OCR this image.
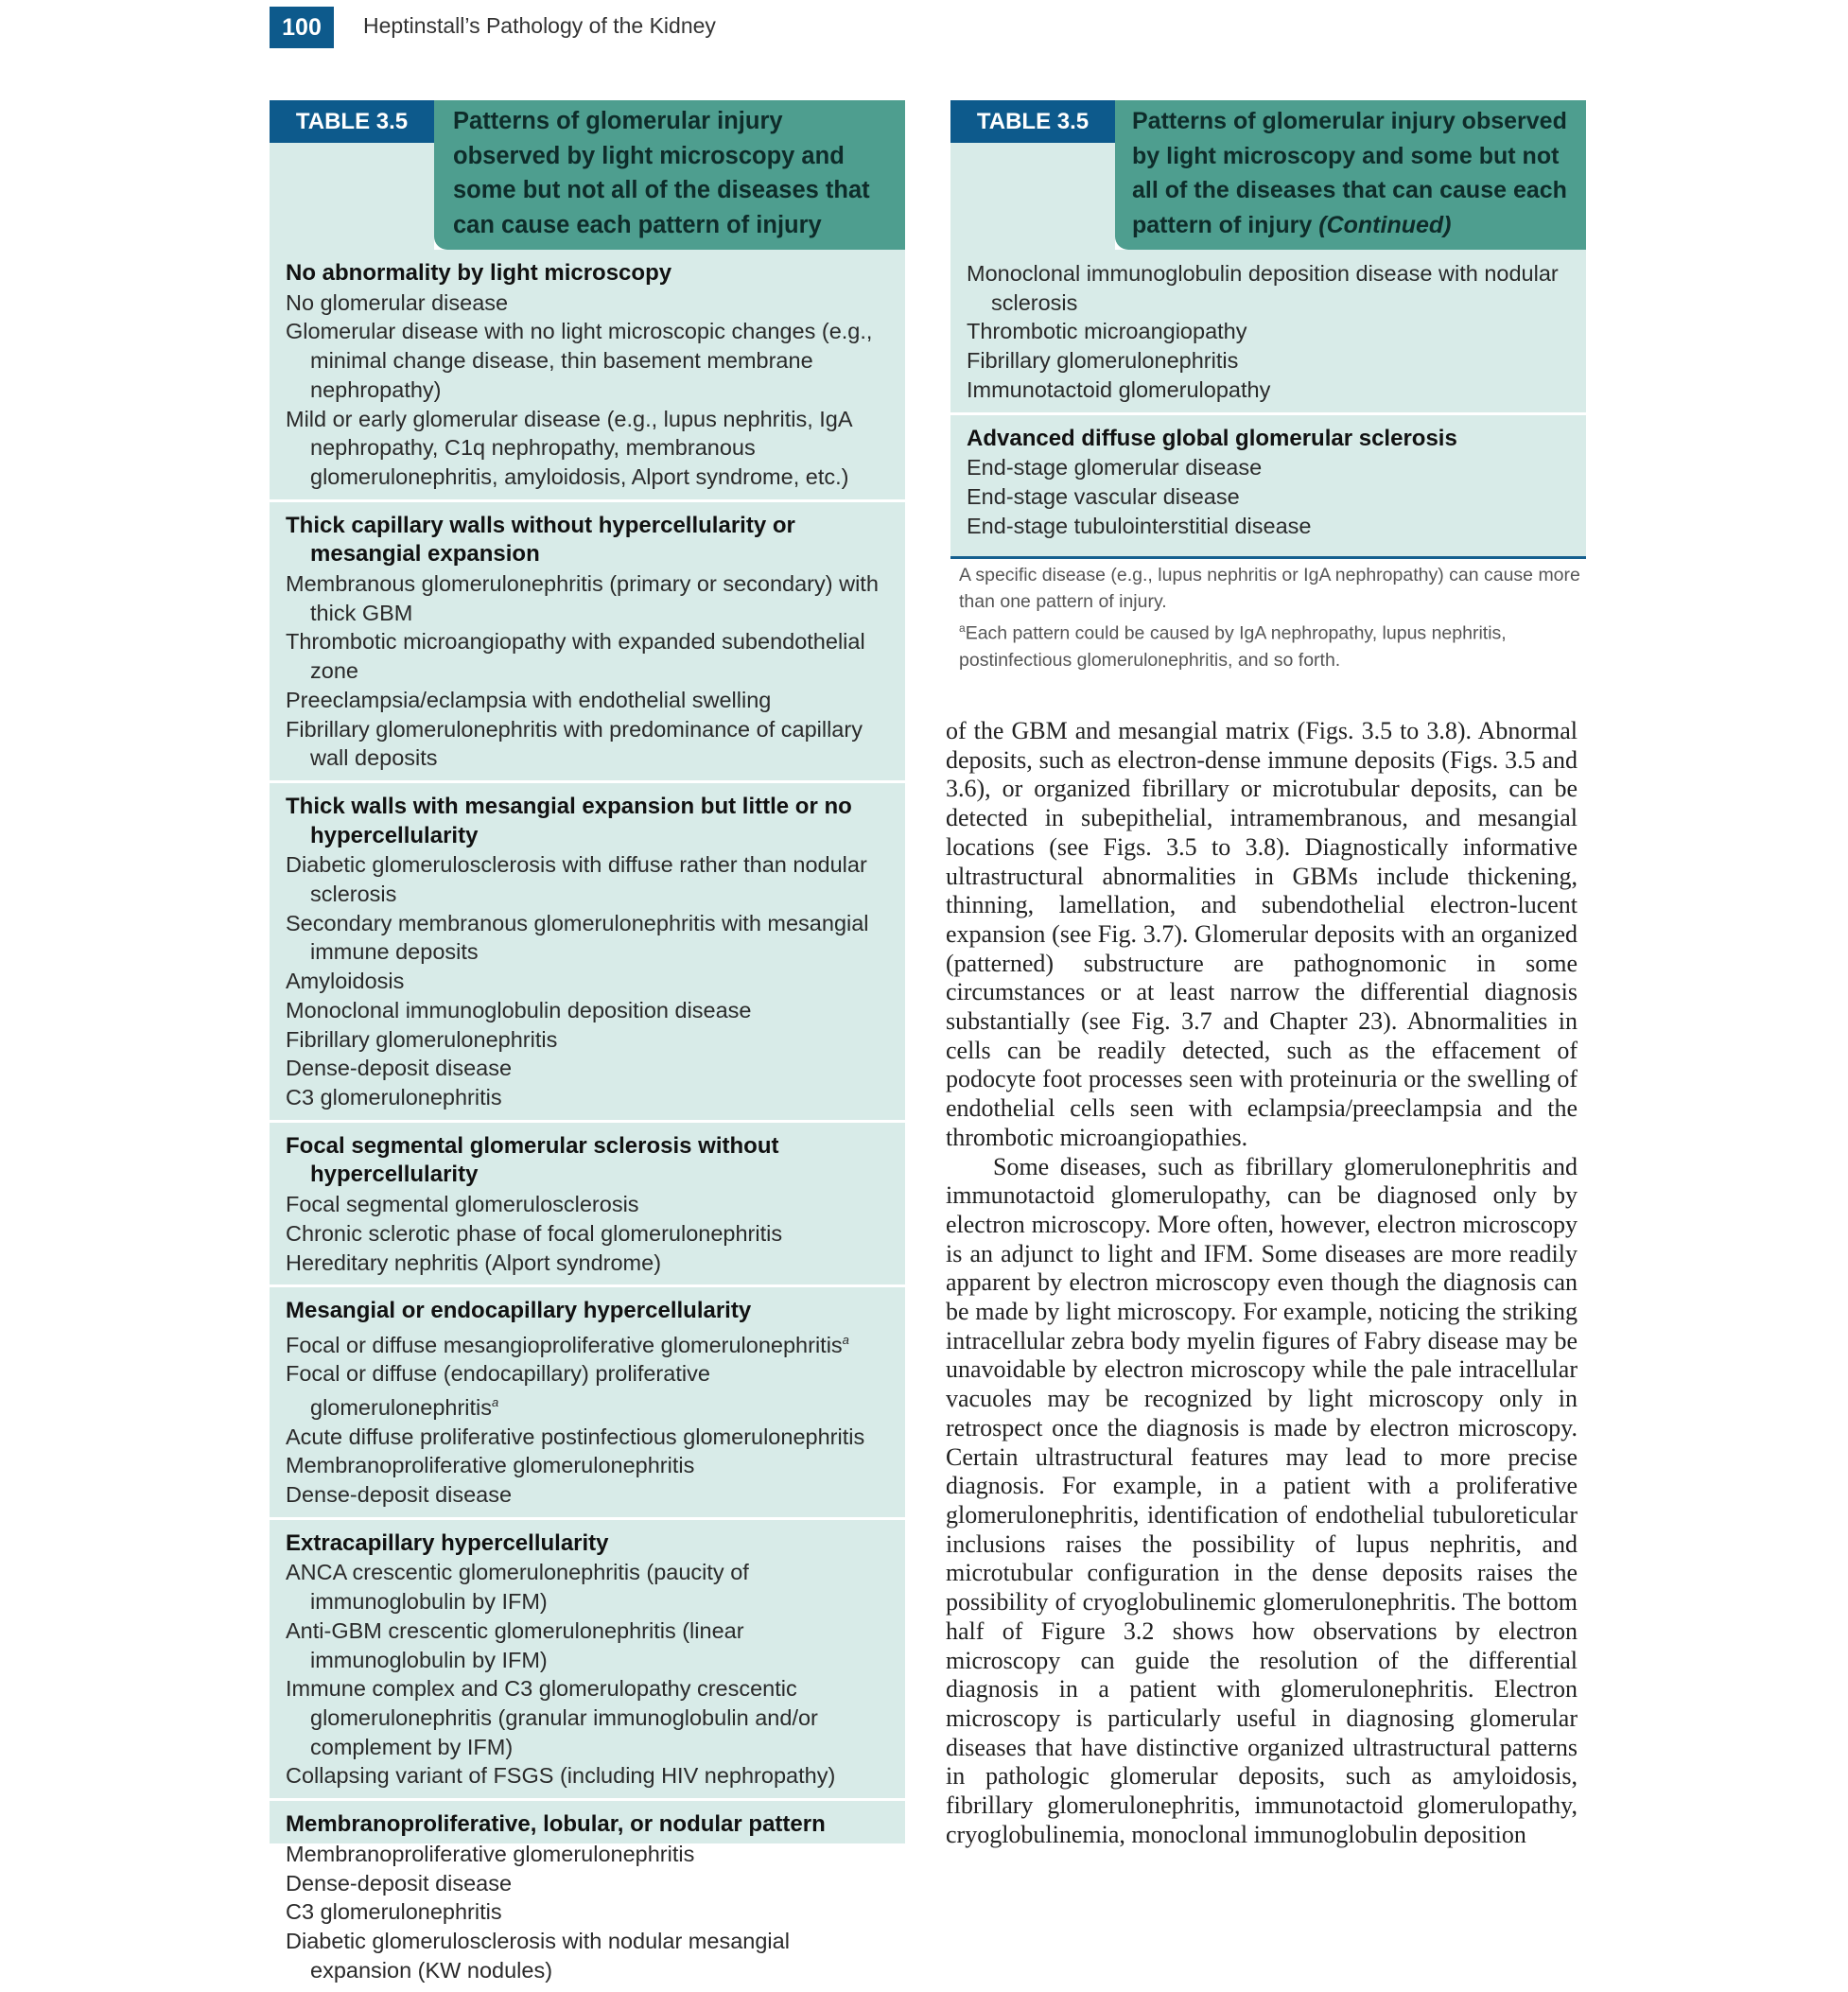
100	Heptinstall’s Pathology of the Kidney
TABLE 3.5	Patterns of glomerular injury observed by light microscopy and some but not all of the diseases that can cause each pattern of injury
No abnormality by light microscopy
No glomerular disease
Glomerular disease with no light microscopic changes (e.g., minimal change disease, thin basement membrane nephropathy)
Mild or early glomerular disease (e.g., lupus nephritis, IgA nephropathy, C1q nephropathy, membranous glomerulonephritis, amyloidosis, Alport syndrome, etc.)
Thick capillary walls without hypercellularity or mesangial expansion
Membranous glomerulonephritis (primary or secondary) with thick GBM
Thrombotic microangiopathy with expanded subendothelial zone
Preeclampsia/eclampsia with endothelial swelling
Fibrillary glomerulonephritis with predominance of capillary wall deposits
Thick walls with mesangial expansion but little or no hypercellularity
Diabetic glomerulosclerosis with diffuse rather than nodular sclerosis
Secondary membranous glomerulonephritis with mesangial immune deposits
Amyloidosis
Monoclonal immunoglobulin deposition disease
Fibrillary glomerulonephritis
Dense-deposit disease
C3 glomerulonephritis
Focal segmental glomerular sclerosis without hypercellularity
Focal segmental glomerulosclerosis
Chronic sclerotic phase of focal glomerulonephritis
Hereditary nephritis (Alport syndrome)
Mesangial or endocapillary hypercellularity
Focal or diffuse mesangioproliferative glomerulonephritis$^a$
Focal or diffuse (endocapillary) proliferative glomerulonephritis$^a$
Acute diffuse proliferative postinfectious glomerulonephritis
Membranoproliferative glomerulonephritis
Dense-deposit disease
Extracapillary hypercellularity
ANCA crescentic glomerulonephritis (paucity of immunoglobulin by IFM)
Anti-GBM crescentic glomerulonephritis (linear immunoglobulin by IFM)
Immune complex and C3 glomerulopathy crescentic glomerulonephritis (granular immunoglobulin and/or complement by IFM)
Collapsing variant of FSGS (including HIV nephropathy)
Membranoproliferative, lobular, or nodular pattern
Membranoproliferative glomerulonephritis
Dense-deposit disease
C3 glomerulonephritis
Diabetic glomerulosclerosis with nodular mesangial expansion (KW nodules)
TABLE 3.5	Patterns of glomerular injury observed by light microscopy and some but not all of the diseases that can cause each pattern of injury (Continued)
Monoclonal immunoglobulin deposition disease with nodular sclerosis
Thrombotic microangiopathy
Fibrillary glomerulonephritis
Immunotactoid glomerulopathy
Advanced diffuse global glomerular sclerosis
End-stage glomerular disease
End-stage vascular disease
End-stage tubulointerstitial disease
A specific disease (e.g., lupus nephritis or IgA nephropathy) can cause more than one pattern of injury.
$^a$Each pattern could be caused by IgA nephropathy, lupus nephritis, postinfectious glomerulonephritis, and so forth.

of the GBM and mesangial matrix (Figs. 3.5 to 3.8). Abnormal deposits, such as electron-dense immune deposits (Figs. 3.5 and 3.6), or organized fibrillary or microtubular deposits, can be detected in subepithelial, intramembranous, and mesangial locations (see Figs. 3.5 to 3.8). Diagnostically informative ultrastructural abnormalities in GBMs include thickening, thinning, lamellation, and subendothelial electron-lucent expansion (see Fig. 3.7). Glomerular deposits with an organized (patterned) substructure are pathognomonic in some circumstances or at least narrow the differential diagnosis substantially (see Fig. 3.7 and Chapter 23). Abnormalities in cells can be readily detected, such as the effacement of podocyte foot processes seen with proteinuria or the swelling of endothelial cells seen with eclampsia/preeclampsia and the thrombotic microangiopathies.

Some diseases, such as fibrillary glomerulonephritis and immunotactoid glomerulopathy, can be diagnosed only by electron microscopy. More often, however, electron microscopy is an adjunct to light and IFM. Some diseases are more readily apparent by electron microscopy even though the diagnosis can be made by light microscopy. For example, noticing the striking intracellular zebra body myelin figures of Fabry disease may be unavoidable by electron microscopy while the pale intracellular vacuoles may be recognized by light microscopy only in retrospect once the diagnosis is made by electron microscopy. Certain ultrastructural features may lead to more precise diagnosis. For example, in a patient with a proliferative glomerulonephritis, identification of endothelial tubuloreticular inclusions raises the possibility of lupus nephritis, and microtubular configuration in the dense deposits raises the possibility of cryoglobulinemic glomerulonephritis. The bottom half of Figure 3.2 shows how observations by electron microscopy can guide the resolution of the differential diagnosis in a patient with glomerulonephritis. Electron microscopy is particularly useful in diagnosing glomerular diseases that have distinctive organized ultrastructural patterns in pathologic glomerular deposits, such as amyloidosis, fibrillary glomerulonephritis, immunotactoid glomerulopathy, cryoglobulinemia, monoclonal immunoglobulin deposition
